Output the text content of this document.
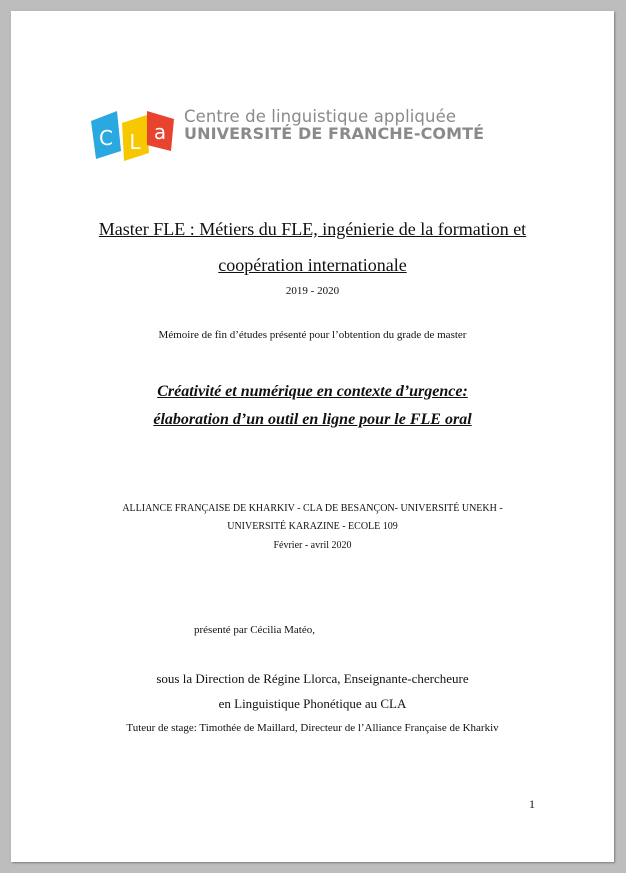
C L a
Centre de linguistique appliquée
UNIVERSITÉ DE FRANCHE-COMTÉ
Master FLE : Métiers du FLE, ingénierie de la formation et
coopération internationale
2019 - 2020
Mémoire de fin d’études présenté pour l’obtention du grade de master
Créativité et numérique en contexte d’urgence:
élaboration d’un outil en ligne pour le FLE oral
ALLIANCE FRANÇAISE DE KHARKIV - CLA DE BESANÇON- UNIVERSITÉ UNEKH -
UNIVERSITÉ KARAZINE - ECOLE 109
Février - avril 2020
présenté par Cécilia Matéo,
sous la Direction de Régine Llorca, Enseignante-chercheure
en Linguistique Phonétique au CLA
Tuteur de stage: Timothée de Maillard, Directeur de l’Alliance Française de Kharkiv
1
